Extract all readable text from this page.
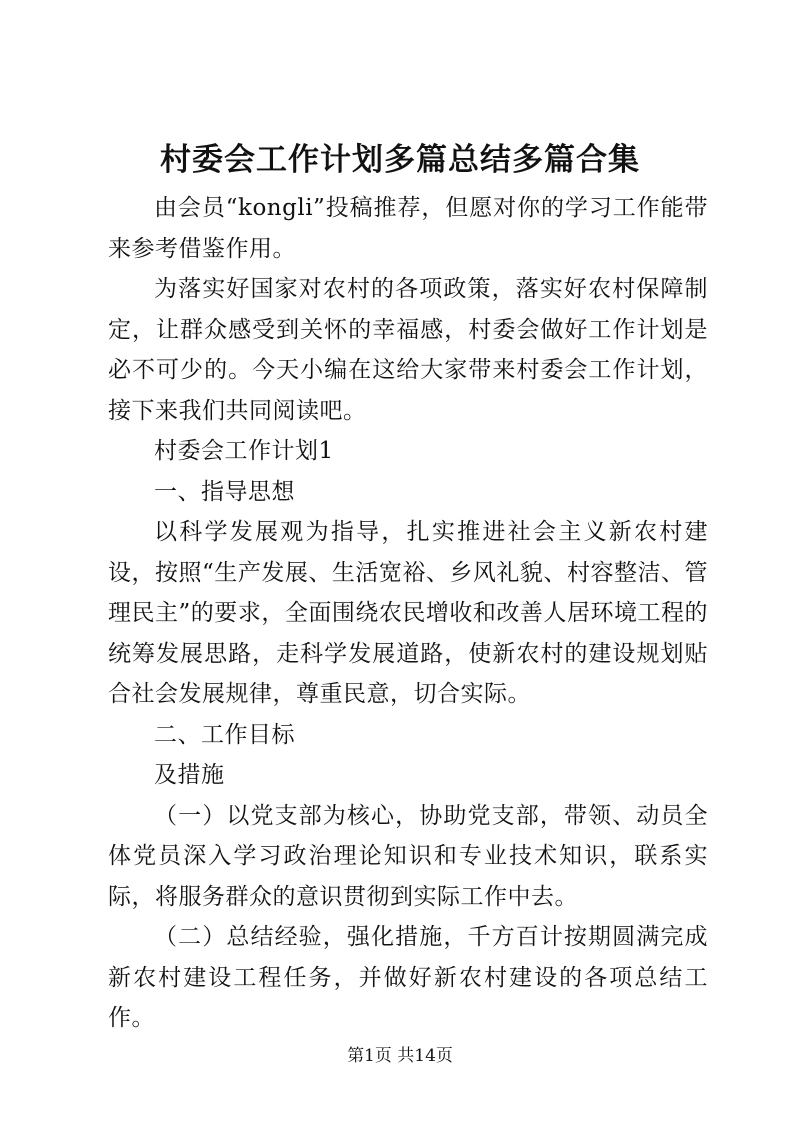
村委会工作计划多篇总结多篇合集

由会员“kongli”投稿推荐，但愿对你的学习工作能带来参考借鉴作用。

为落实好国家对农村的各项政策，落实好农村保障制定，让群众感受到关怀的幸福感，村委会做好工作计划是必不可少的。今天小编在这给大家带来村委会工作计划，接下来我们共同阅读吧。

村委会工作计划1

一、指导思想

以科学发展观为指导，扎实推进社会主义新农村建设，按照“生产发展、生活宽裕、乡风礼貌、村容整洁、管理民主”的要求，全面围绕农民增收和改善人居环境工程的统筹发展思路，走科学发展道路，使新农村的建设规划贴合社会发展规律，尊重民意，切合实际。

二、工作目标

及措施

（一）以党支部为核心，协助党支部，带领、动员全体党员深入学习政治理论知识和专业技术知识，联系实际，将服务群众的意识贯彻到实际工作中去。

（二）总结经验，强化措施，千方百计按期圆满完成新农村建设工程任务，并做好新农村建设的各项总结工作。

第1页 共14页
